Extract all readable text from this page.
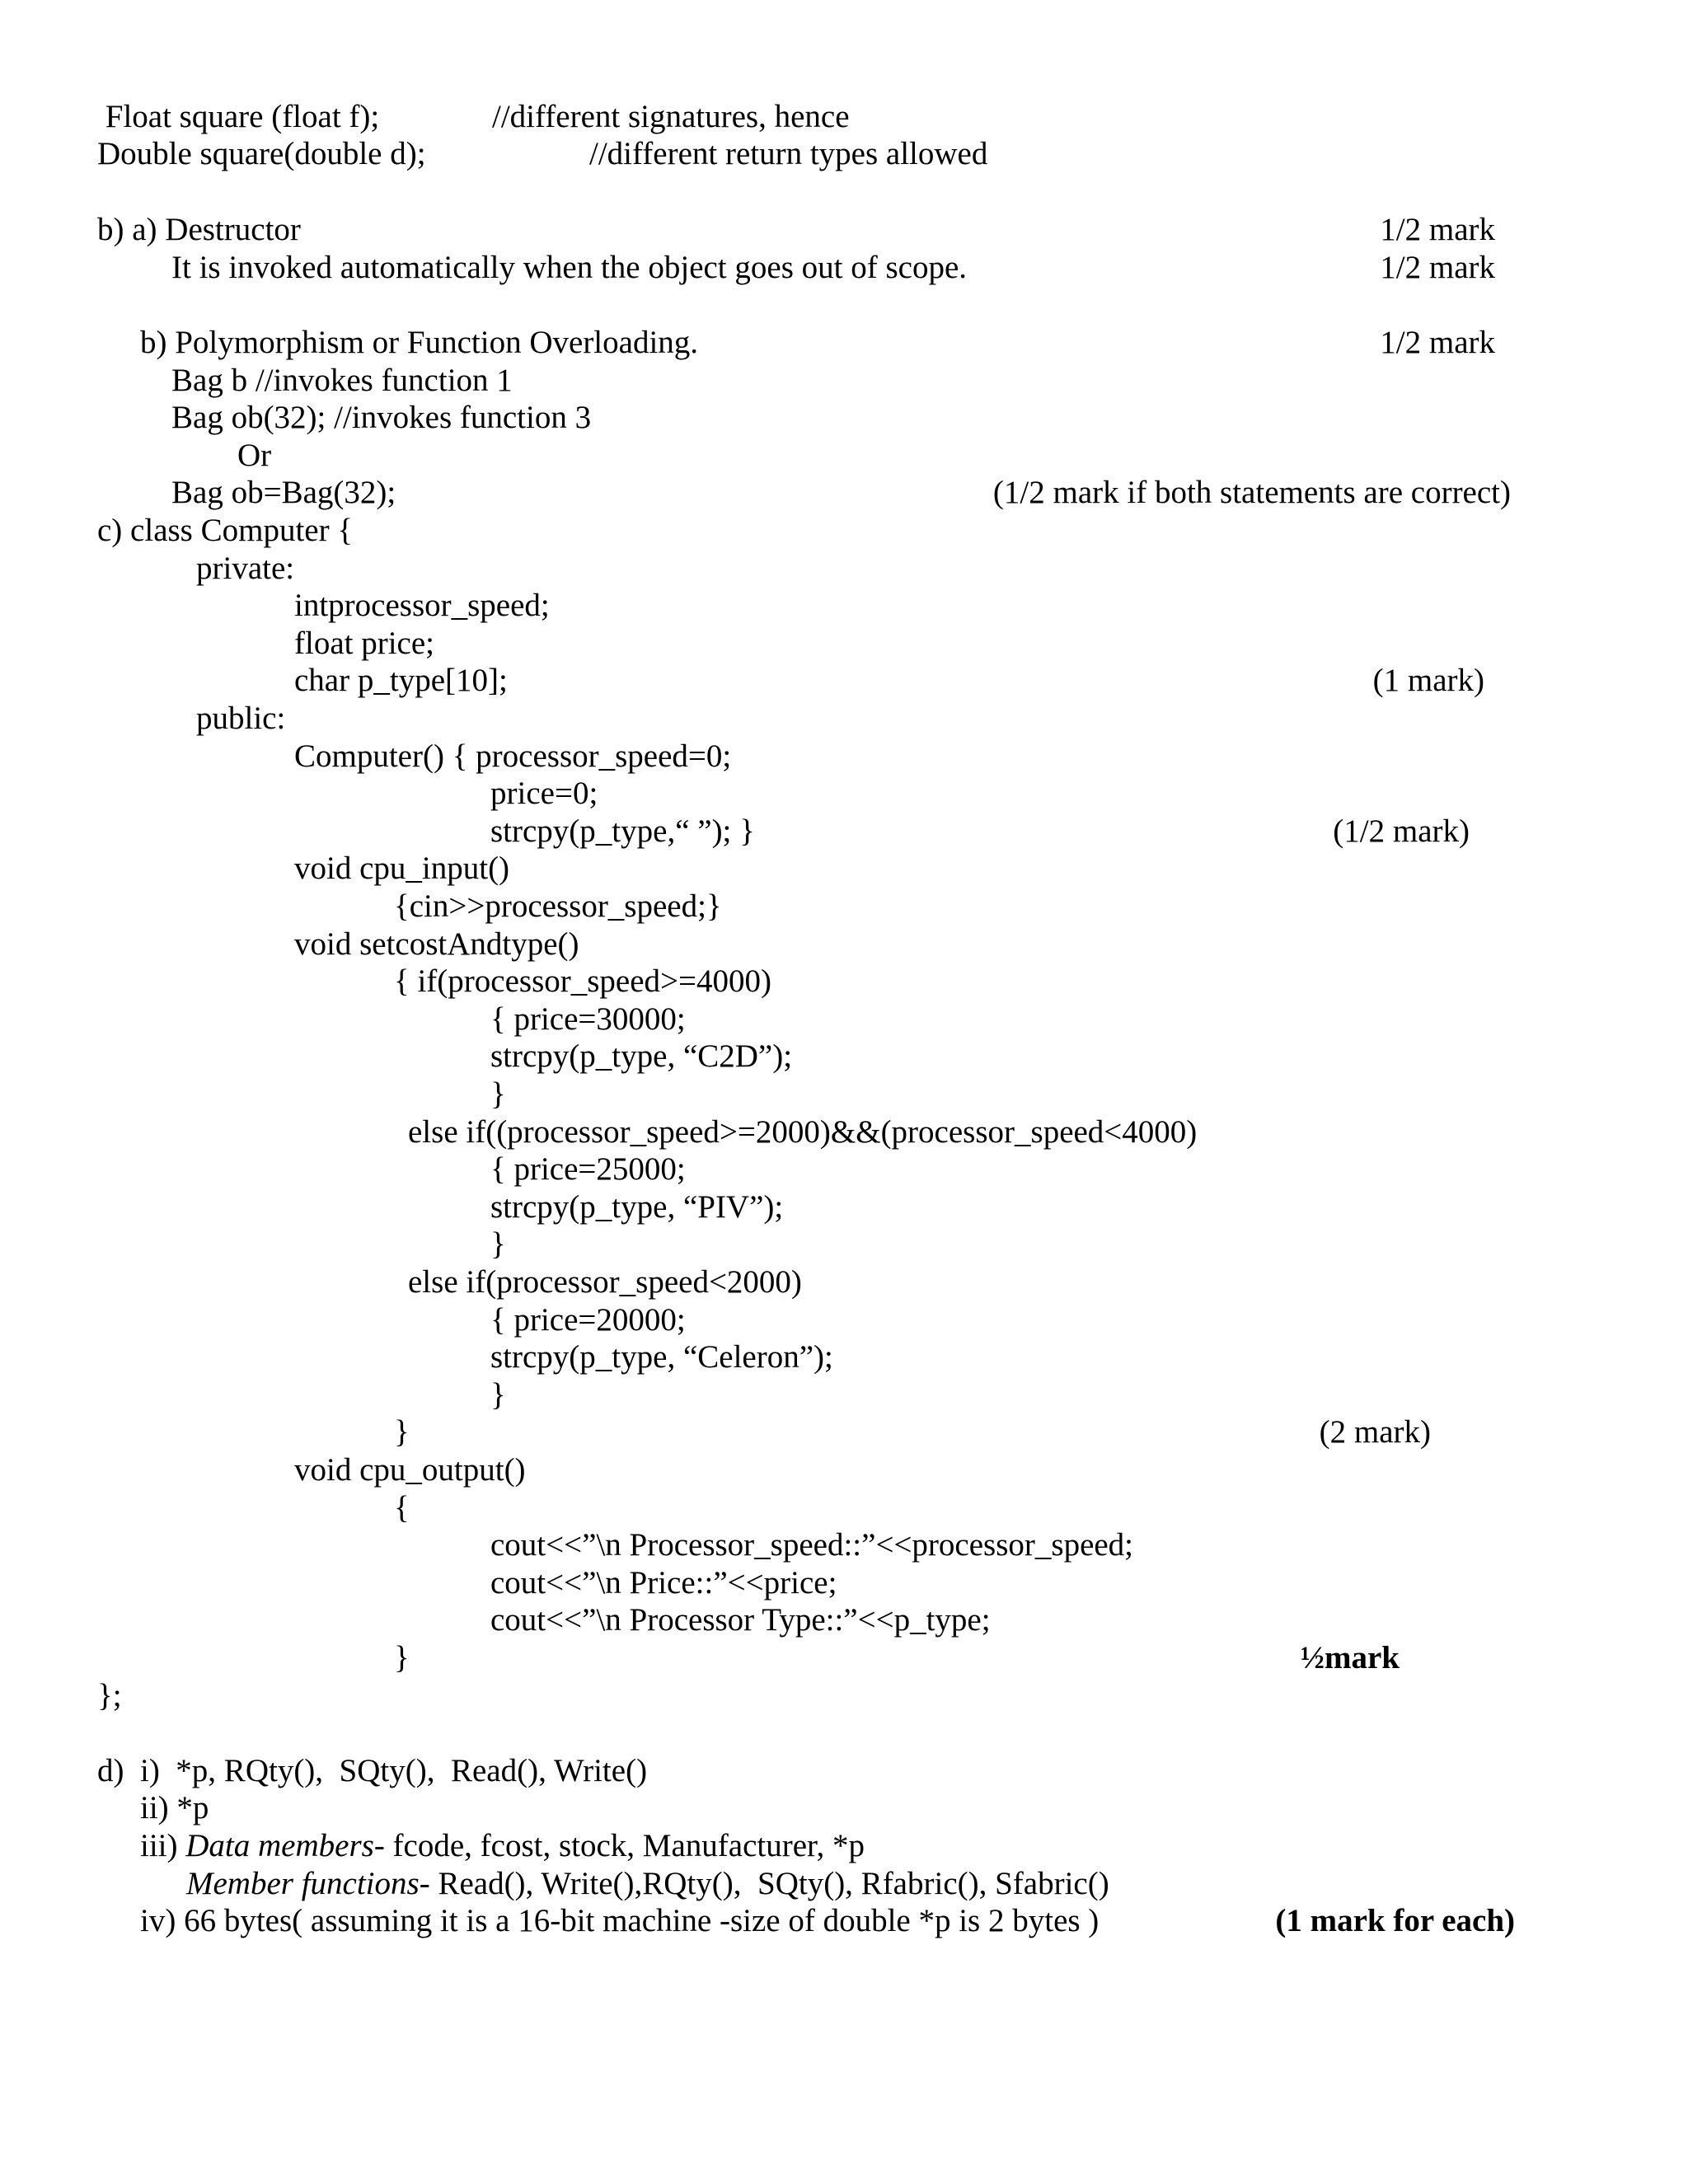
Float square (float f);	//different signatures, hence
Double square(double d);	//different return types allowed
b) a) Destructor	1/2 mark
It is invoked automatically when the object goes out of scope.	1/2 mark
b) Polymorphism or Function Overloading.	1/2 mark
Bag b //invokes function 1
Bag ob(32); //invokes function 3
Or
Bag ob=Bag(32);	(1/2 mark if both statements are correct)
c) class Computer {
private:
intprocessor_speed;
float price;
char p_type[10];	(1 mark)
public:
Computer() { processor_speed=0;
price=0;
strcpy(p_type,“ ”); }	(1/2 mark)
void cpu_input()
{cin>>processor_speed;}
void setcostAndtype()
{ if(processor_speed>=4000)
{ price=30000;
strcpy(p_type, “C2D”);
}
else if((processor_speed>=2000)&&(processor_speed<4000)
{ price=25000;
strcpy(p_type, “PIV”);
}
else if(processor_speed<2000)
{ price=20000;
strcpy(p_type, “Celeron”);
}
}	(2 mark)
void cpu_output()
{
cout<<”\n Processor_speed::”<<processor_speed;
cout<<”\n Price::”<<price;
cout<<”\n Processor Type::”<<p_type;
}	½mark
};
d)  i)  *p, RQty(),  SQty(),  Read(), Write()
ii) *p
iii) Data members- fcode, fcost, stock, Manufacturer, *p
Member functions- Read(), Write(),RQty(),  SQty(), Rfabric(), Sfabric()
iv) 66 bytes( assuming it is a 16-bit machine -size of double *p is 2 bytes )	(1 mark for each)
